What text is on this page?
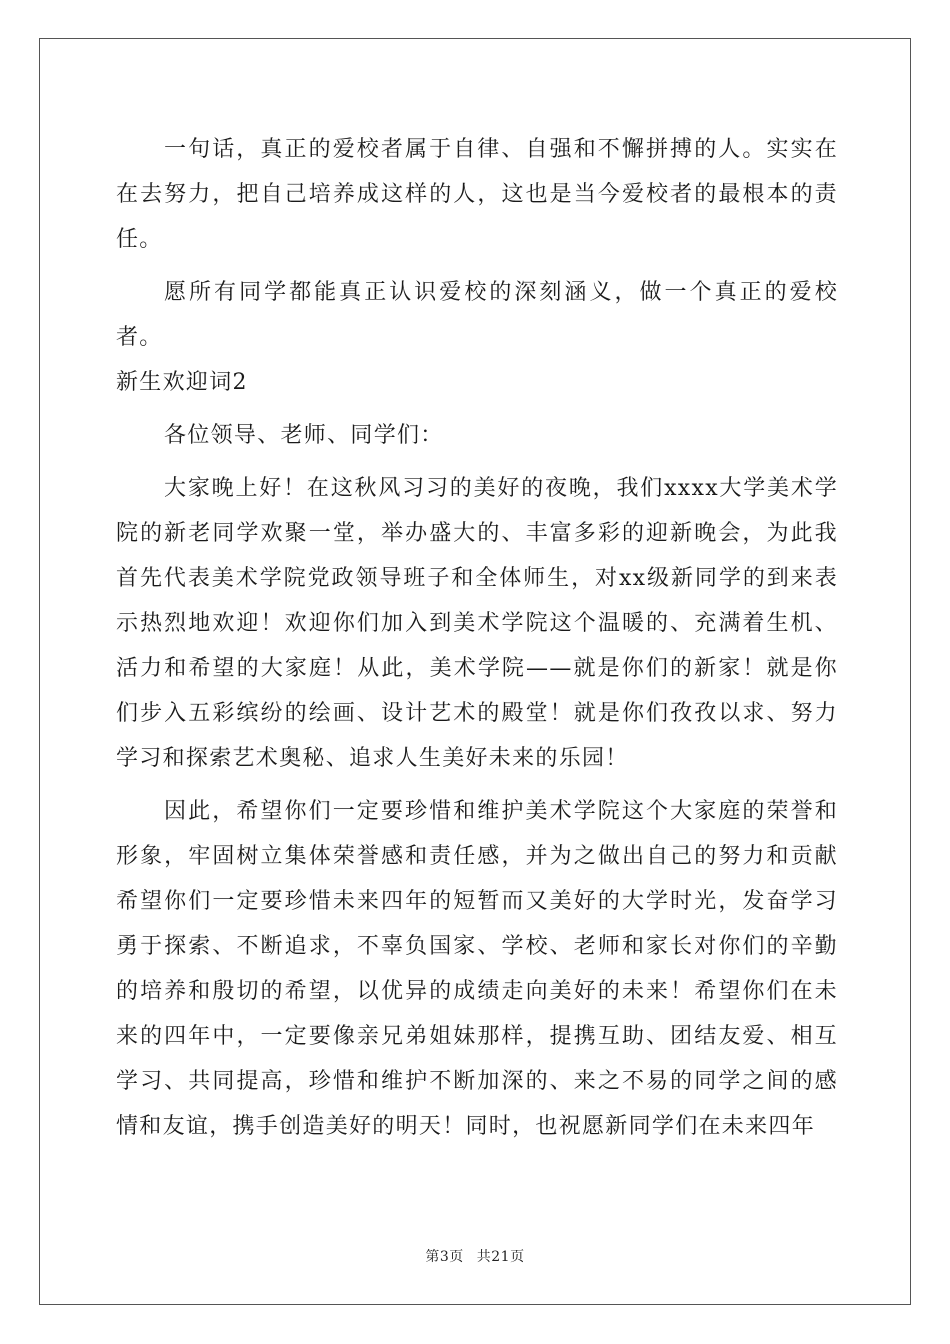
一句话，真正的爱校者属于自律、自强和不懈拼搏的人。实实在在去努力，把自己培养成这样的人，这也是当今爱校者的最根本的责任。

愿所有同学都能真正认识爱校的深刻涵义，做一个真正的爱校者。

新生欢迎词2

各位领导、老师、同学们：

大家晚上好！在这秋风习习的美好的夜晚，我们xxxx大学美术学院的新老同学欢聚一堂，举办盛大的、丰富多彩的迎新晚会，为此我首先代表美术学院党政领导班子和全体师生，对xx级新同学的到来表示热烈地欢迎！欢迎你们加入到美术学院这个温暖的、充满着生机、活力和希望的大家庭！从此，美术学院——就是你们的新家！就是你们步入五彩缤纷的绘画、设计艺术的殿堂！就是你们孜孜以求、努力学习和探索艺术奥秘、追求人生美好未来的乐园！

因此，希望你们一定要珍惜和维护美术学院这个大家庭的荣誉和形象，牢固树立集体荣誉感和责任感，并为之做出自己的努力和贡献希望你们一定要珍惜未来四年的短暂而又美好的大学时光，发奋学习勇于探索、不断追求，不辜负国家、学校、老师和家长对你们的辛勤的培养和殷切的希望，以优异的成绩走向美好的未来！希望你们在未来的四年中，一定要像亲兄弟姐妹那样，提携互助、团结友爱、相互学习、共同提高，珍惜和维护不断加深的、来之不易的同学之间的感情和友谊，携手创造美好的明天！同时，也祝愿新同学们在未来四年

第3页 共21页
